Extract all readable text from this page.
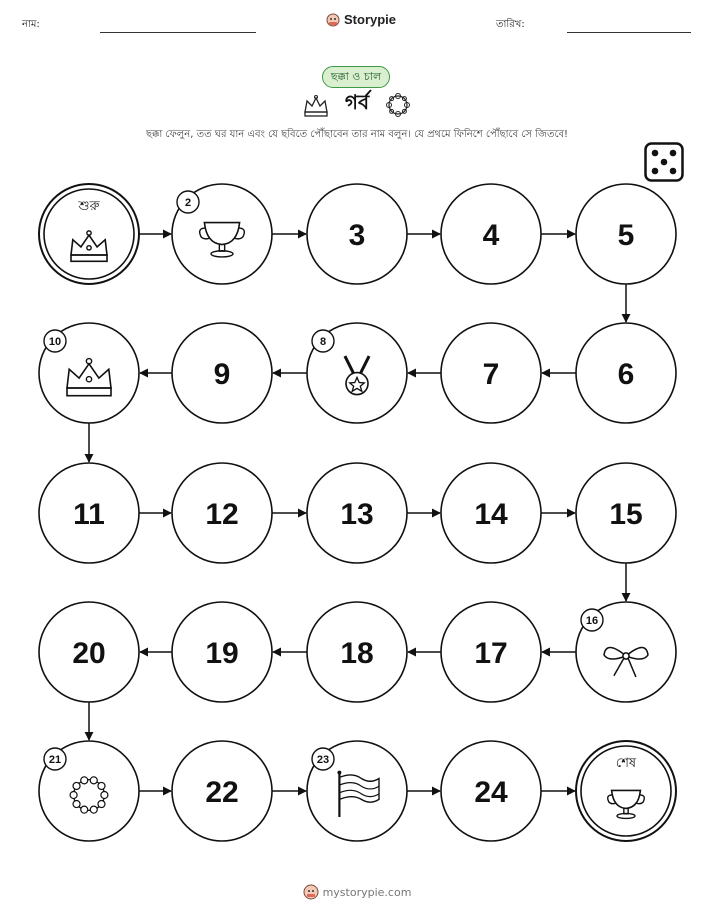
নাম:	Storypie	তারিখ:
ছক্কা ও চাল
গর্ব
ছক্কা ফেলুন, তত ঘর যান এবং যে ছবিতে পৌঁছাবেন তার নাম বলুন। যে প্রথমে ফিনিশে পৌঁছাবে সে জিতবে!
শুরু	2
3	4	5
6
7
8
9
10
11	12	13	14	15
16
17
18
19
20
21
22
23
24
শেষ
mystorypie.com
